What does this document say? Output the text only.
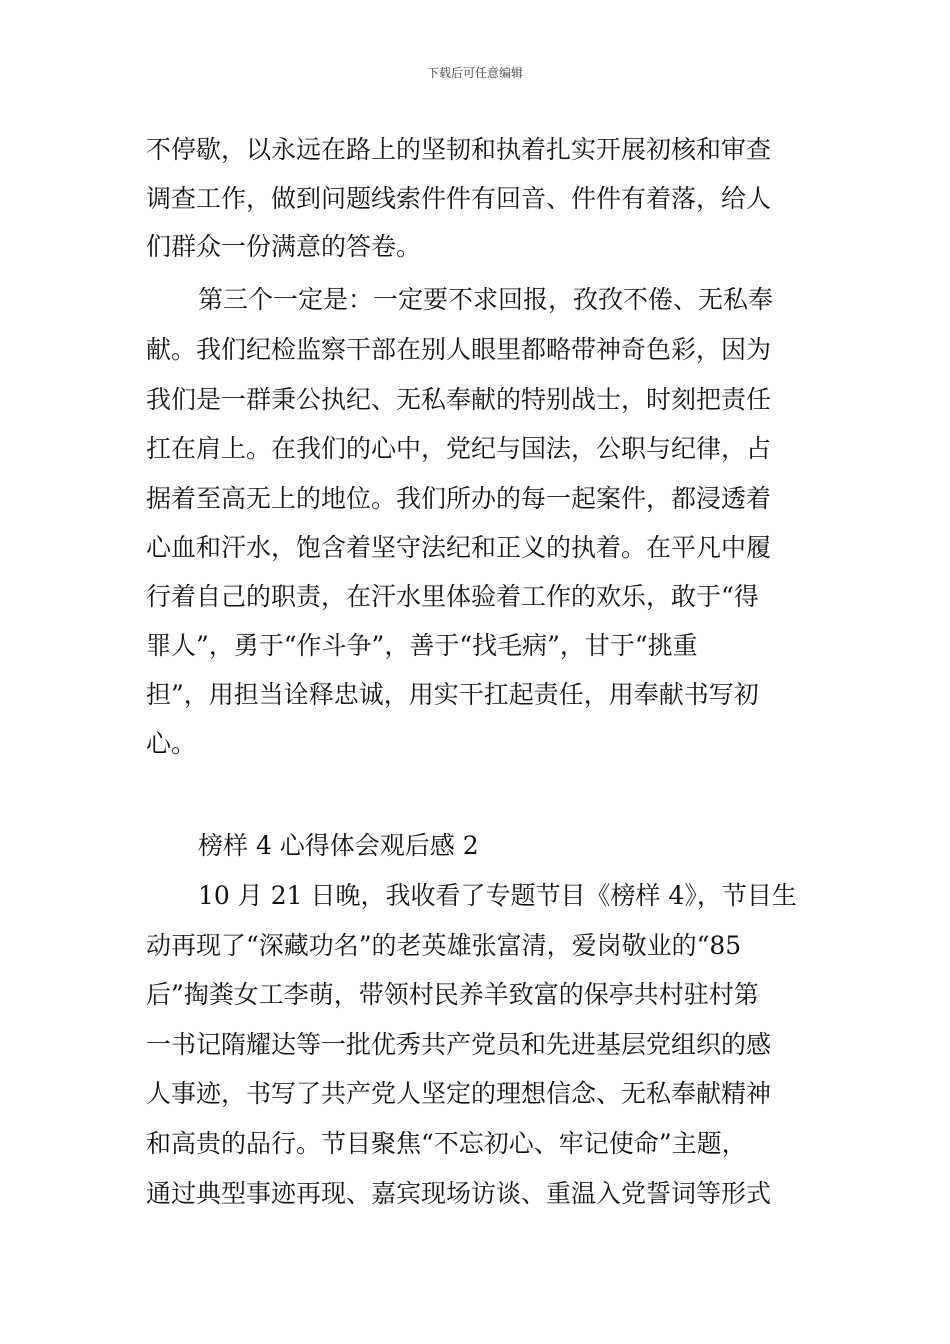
下载后可任意编辑
不停歇，以永远在路上的坚韧和执着扎实开展初核和审查
调查工作，做到问题线索件件有回音、件件有着落，给人
们群众一份满意的答卷。
第三个一定是：一定要不求回报，孜孜不倦、无私奉
献。我们纪检监察干部在别人眼里都略带神奇色彩，因为
我们是一群秉公执纪、无私奉献的特别战士，时刻把责任
扛在肩上。在我们的心中，党纪与国法，公职与纪律，占
据着至高无上的地位。我们所办的每一起案件，都浸透着
心血和汗水，饱含着坚守法纪和正义的执着。在平凡中履
行着自己的职责，在汗水里体验着工作的欢乐，敢于“得
罪人”，勇于“作斗争”，善于“找毛病”，甘于“挑重
担”，用担当诠释忠诚，用实干扛起责任，用奉献书写初
心。
榜样 4 心得体会观后感 2
10 月 21 日晚，我收看了专题节目《榜样 4》，节目生
动再现了“深藏功名”的老英雄张富清，爱岗敬业的“85
后”掏粪女工李萌，带领村民养羊致富的保亭共村驻村第
一书记隋耀达等一批优秀共产党员和先进基层党组织的感
人事迹，书写了共产党人坚定的理想信念、无私奉献精神
和高贵的品行。节目聚焦“不忘初心、牢记使命”主题，
通过典型事迹再现、嘉宾现场访谈、重温入党誓词等形式
